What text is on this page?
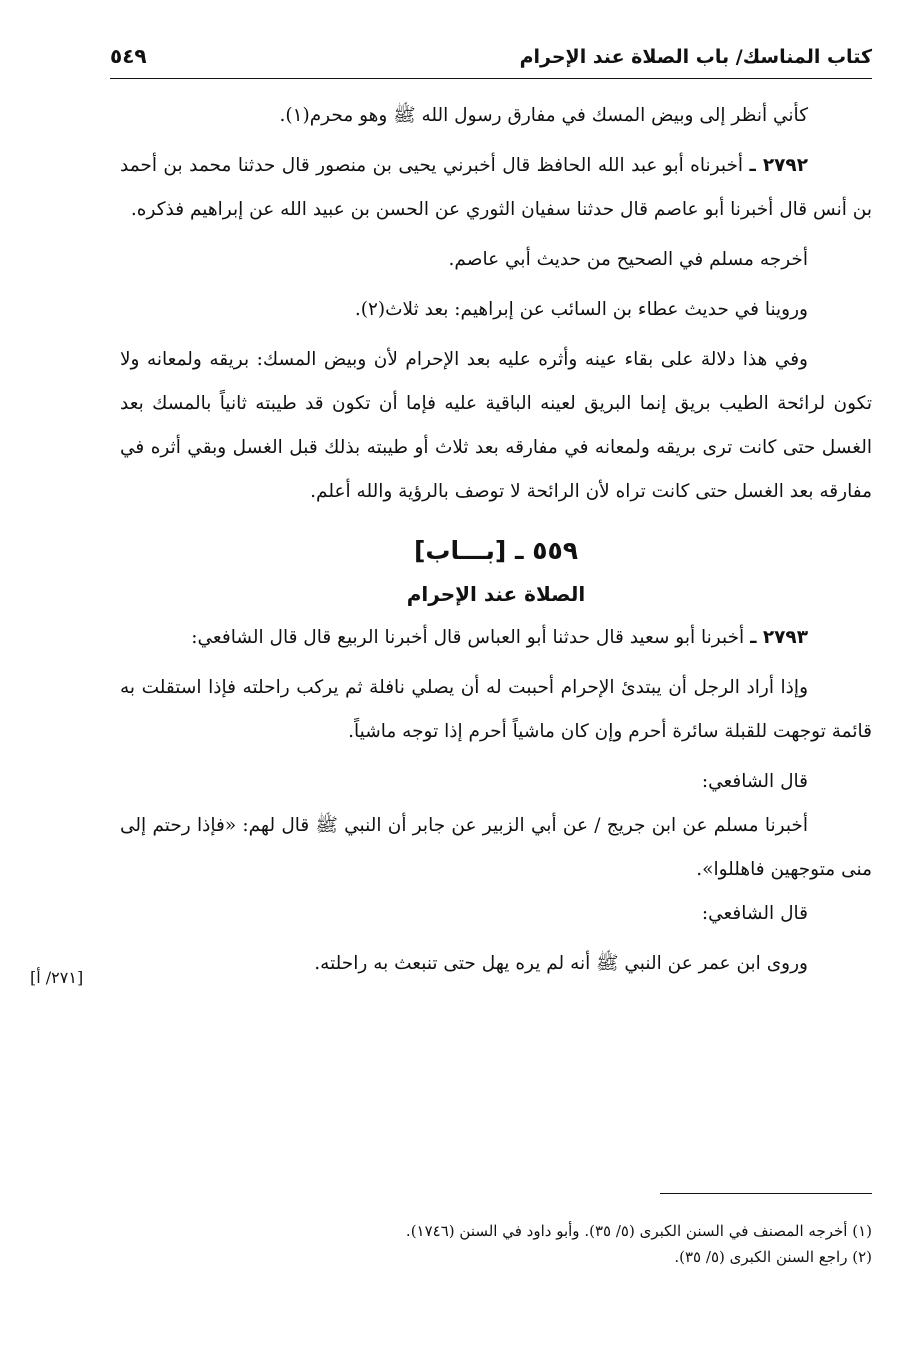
كتاب المناسك/ باب الصلاة عند الإحرام
٥٤٩

كأني أنظر إلى وبيض المسك في مفارق رسول الله ﷺ وهو محرم(١).

٢٧٩٢ ـ أخبرناه أبو عبد الله الحافظ قال أخبرني يحيى بن منصور قال حدثنا محمد بن أحمد بن أنس قال أخبرنا أبو عاصم قال حدثنا سفيان الثوري عن الحسن بن عبيد الله عن إبراهيم فذكره.

أخرجه مسلم في الصحيح من حديث أبي عاصم.

وروينا في حديث عطاء بن السائب عن إبراهيم: بعد ثلاث(٢).

وفي هذا دلالة على بقاء عينه وأثره عليه بعد الإحرام لأن وبيض المسك: بريقه ولمعانه ولا تكون لرائحة الطيب بريق إنما البريق لعينه الباقية عليه فإما أن تكون قد طيبته ثانياً بالمسك بعد الغسل حتى كانت ترى بريقه ولمعانه في مفارقه بعد ثلاث أو طيبته بذلك قبل الغسل وبقي أثره في مفارقه بعد الغسل حتى كانت تراه لأن الرائحة لا توصف بالرؤية والله أعلم.

٥٥٩ ـ [بـــاب]
الصلاة عند الإحرام

٢٧٩٣ ـ أخبرنا أبو سعيد قال حدثنا أبو العباس قال أخبرنا الربيع قال قال الشافعي:

وإذا أراد الرجل أن يبتدئ الإحرام أحببت له أن يصلي نافلة ثم يركب راحلته فإذا استقلت به قائمة توجهت للقبلة سائرة أحرم وإن كان ماشياً أحرم إذا توجه ماشياً.

قال الشافعي:

أخبرنا مسلم عن ابن جريج / عن أبي الزبير عن جابر أن النبي ﷺ قال لهم: «فإذا رحتم إلى منى متوجهين فاهللوا».

قال الشافعي:

وروى ابن عمر عن النبي ﷺ أنه لم يره يهل حتى تنبعث به راحلته.

[٢٧١/ أ]

(١) أخرجه المصنف في السنن الكبرى (٥/ ٣٥). وأبو داود في السنن (١٧٤٦).

(٢) راجع السنن الكبرى (٥/ ٣٥).
